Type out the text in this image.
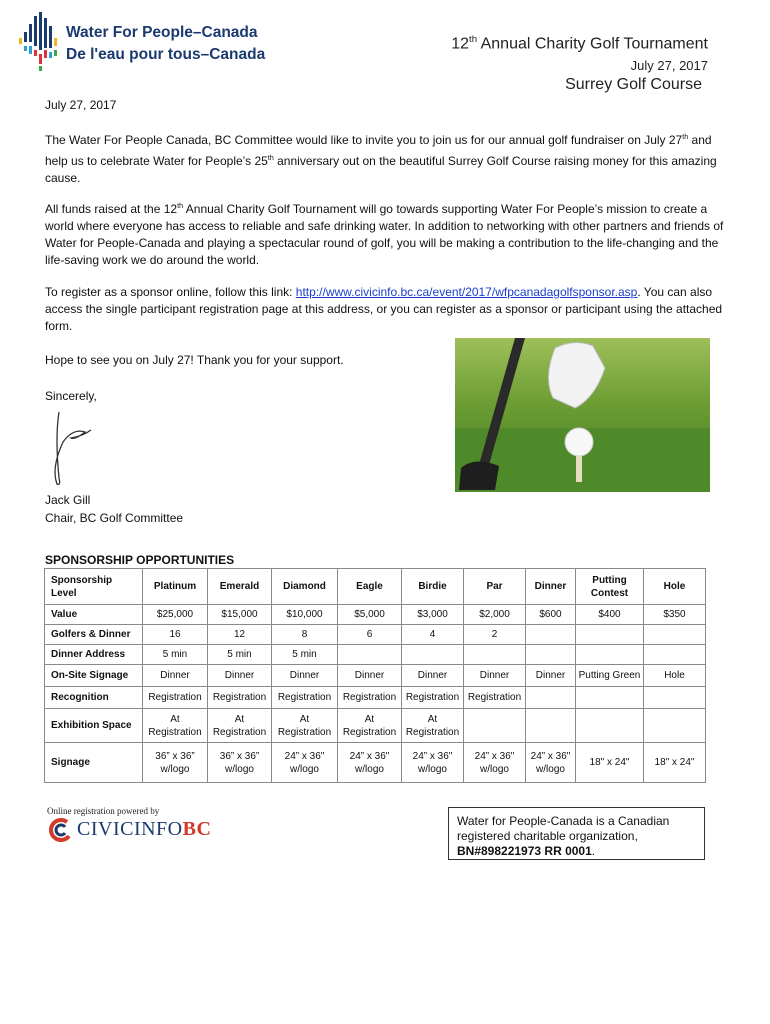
Water For People–Canada
De l'eau pour tous–Canada
12th Annual Charity Golf Tournament
July 27, 2017
Surrey Golf Course
July 27, 2017
The Water For People Canada, BC Committee would like to invite you to join us for our annual golf fundraiser on July 27th and help us to celebrate Water for People’s 25th anniversary out on the beautiful Surrey Golf Course raising money for this amazing cause.
All funds raised at the 12th Annual Charity Golf Tournament will go towards supporting Water For People’s mission to create a world where everyone has access to reliable and safe drinking water. In addition to networking with other partners and friends of Water for People-Canada and playing a spectacular round of golf, you will be making a contribution to the life-changing and the life-saving work we do around the world.
To register as a sponsor online, follow this link: http://www.civicinfo.bc.ca/event/2017/wfpcanadagolfsponsor.asp. You can also access the single participant registration page at this address, or you can register as a sponsor or participant using the attached form.
Hope to see you on July 27! Thank you for your support.
Sincerely,
Jack Gill
Chair, BC Golf Committee
SPONSORSHIP OPPORTUNITIES
Sponsorship Level	Platinum	Emerald	Diamond	Eagle	Birdie	Par	Dinner	Putting Contest	Hole
Value	$25,000	$15,000	$10,000	$5,000	$3,000	$2,000	$600	$400	$350
Golfers & Dinner	16	12	8	6	4	2			
Dinner Address	5 min	5 min	5 min						
On-Site Signage	Dinner	Dinner	Dinner	Dinner	Dinner	Dinner	Dinner	Putting Green	Hole
Recognition	Registration	Registration	Registration	Registration	Registration	Registration			
Exhibition Space	At Registration	At Registration	At Registration	At Registration	At Registration				
Signage	36” x 36” w/logo	36” x 36” w/logo	24” x 36" w/logo	24” x 36" w/logo	24” x 36" w/logo	24” x 36" w/logo	24” x 36" w/logo	18" x 24"	18" x 24"
Online registration powered by
CIVICINFOBC	Water for People-Canada is a Canadian registered charitable organization, BN#898221973 RR 0001.
